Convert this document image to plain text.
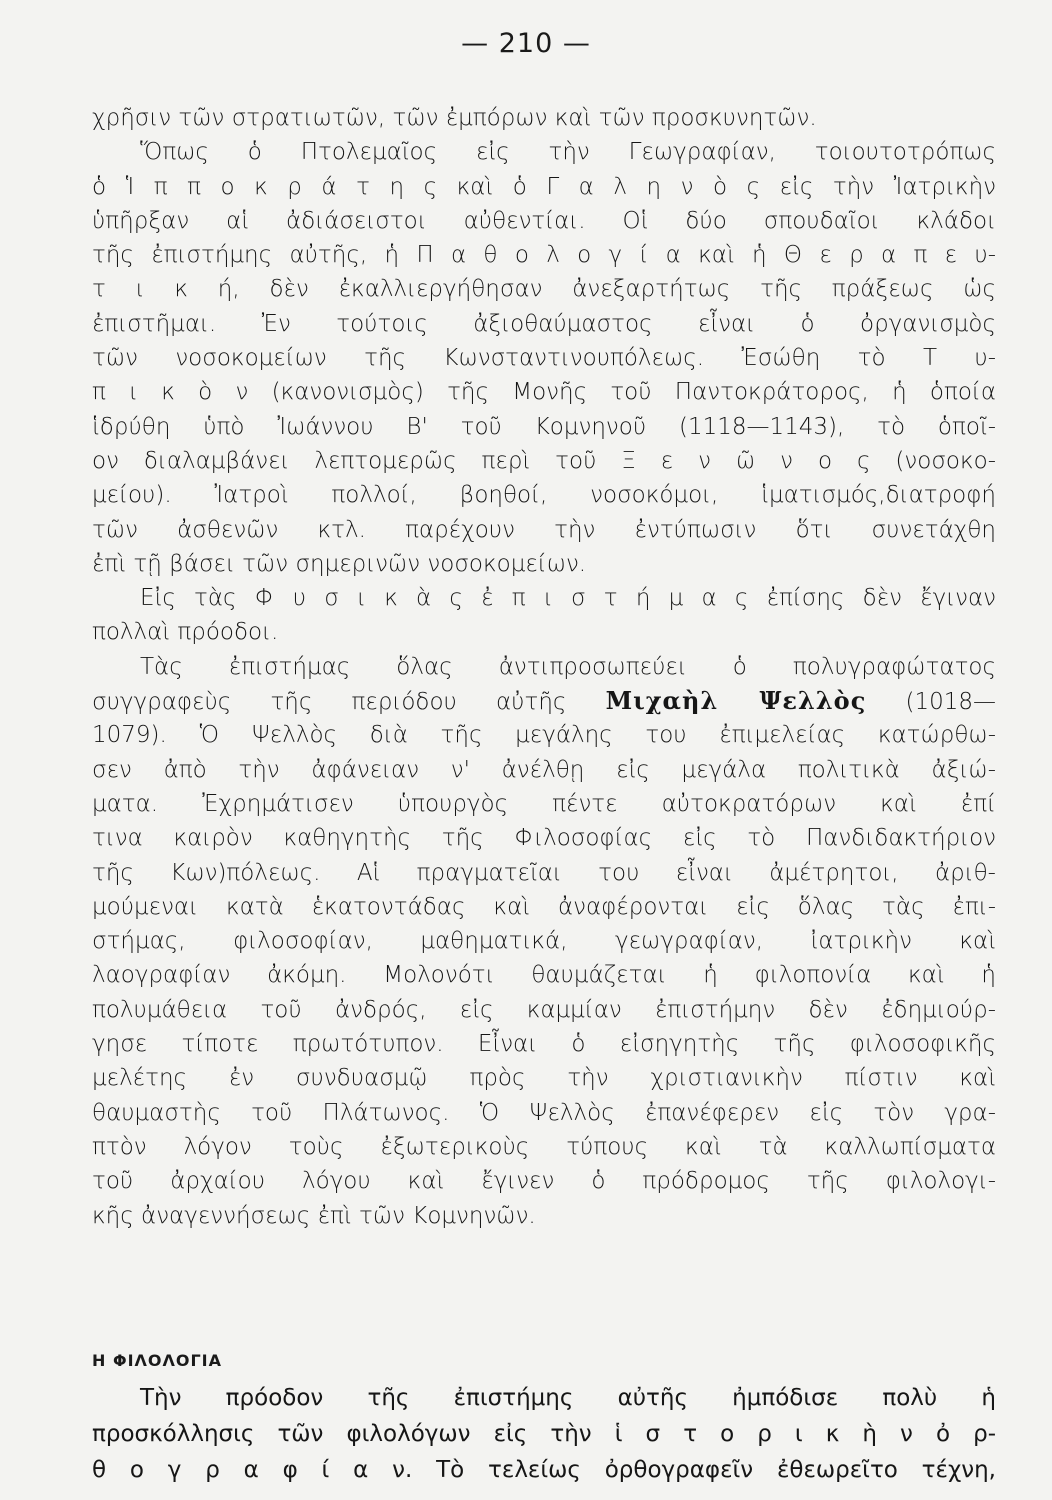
— 210 —
χρῆσιν τῶν στρατιωτῶν, τῶν ἐμπόρων καὶ τῶν προσκυνητῶν.
Ὅπως ὁ Πτολεμαῖος εἰς τὴν Γεωγραφίαν, τοιουτοτρόπως
ὁ Ἱ π π ο κ ρ ά τ η ς καὶ ὁ Γ α λ η ν ὸ ς εἰς τὴν Ἰατρικὴν
ὑπῆρξαν αἱ ἀδιάσειστοι αὐθεντίαι. Οἱ δύο σπουδαῖοι κλάδοι
τῆς ἐπιστήμης αὐτῆς, ἡ Π α θ ο λ ο γ ί α καὶ ἡ Θ ε ρ α π ε υ-
τ ι κ ή, δὲν ἐκαλλιεργήθησαν ἀνεξαρτήτως τῆς πράξεως ὡς
ἐπιστῆμαι. Ἐν τούτοις ἀξιοθαύμαστος εἶναι ὁ ὀργανισμὸς
τῶν νοσοκομείων τῆς Κωνσταντινουπόλεως. Ἐσώθη τὸ Τ υ-
π ι κ ὸ ν (κανονισμὸς) τῆς Μονῆς τοῦ Παντοκράτορος, ἡ ὁποία
ἱδρύθη ὑπὸ Ἰωάννου Β' τοῦ Κομνηνοῦ (1118—1143), τὸ ὁποῖ-
ον διαλαμβάνει λεπτομερῶς περὶ τοῦ Ξ ε ν ῶ ν ο ς (νοσοκο-
μείου). Ἰατροὶ πολλοί, βοηθοί, νοσοκόμοι, ἱματισμός,διατροφή
τῶν ἀσθενῶν κτλ. παρέχουν τὴν ἐντύπωσιν ὅτι συνετάχθη
ἐπὶ τῇ βάσει τῶν σημερινῶν νοσοκομείων.
Εἰς τὰς Φ υ σ ι κ ὰ ς ἐ π ι σ τ ή μ α ς ἐπίσης δὲν ἔγιναν
πολλαὶ πρόοδοι.
Τὰς ἐπιστήμας ὅλας ἀντιπροσωπεύει ὁ πολυγραφώτατος
συγγραφεὺς τῆς περιόδου αὐτῆς Μιχαὴλ Ψελλὸς (1018—
1079). Ὁ Ψελλὸς διὰ τῆς μεγάλης του ἐπιμελείας κατώρθω-
σεν ἀπὸ τὴν ἀφάνειαν ν' ἀνέλθῃ εἰς μεγάλα πολιτικὰ ἀξιώ-
ματα. Ἐχρημάτισεν ὑπουργὸς πέντε αὐτοκρατόρων καὶ ἐπί
τινα καιρὸν καθηγητὴς τῆς Φιλοσοφίας εἰς τὸ Πανδιδακτήριον
τῆς Κων)πόλεως. Αἱ πραγματεῖαι του εἶναι ἀμέτρητοι, ἀριθ-
μούμεναι κατὰ ἑκατοντάδας καὶ ἀναφέρονται εἰς ὅλας τὰς ἐπι-
στήμας, φιλοσοφίαν, μαθηματικά, γεωγραφίαν, ἰατρικὴν καὶ
λαογραφίαν ἀκόμη. Μολονότι θαυμάζεται ἡ φιλοπονία καὶ ἡ
πολυμάθεια τοῦ ἀνδρός, εἰς καμμίαν ἐπιστήμην δὲν ἐδημιούρ-
γησε τίποτε πρωτότυπον. Εἶναι ὁ εἰσηγητὴς τῆς φιλοσοφικῆς
μελέτης ἐν συνδυασμῷ πρὸς τὴν χριστιανικὴν πίστιν καὶ
θαυμαστὴς τοῦ Πλάτωνος. Ὁ Ψελλὸς ἐπανέφερεν εἰς τὸν γρα-
πτὸν λόγον τοὺς ἐξωτερικοὺς τύπους καὶ τὰ καλλωπίσματα
τοῦ ἀρχαίου λόγου καὶ ἔγινεν ὁ πρόδρομος τῆς φιλολογι-
κῆς ἀναγεννήσεως ἐπὶ τῶν Κομνηνῶν.
Η ΦΙΛΟΛΟΓΙΑ
Τὴν πρόοδον τῆς ἐπιστήμης αὐτῆς ἠμπόδισε πολὺ ἡ
προσκόλλησις τῶν φιλολόγων εἰς τὴν ἱ σ τ ο ρ ι κ ὴ ν ὀ ρ-
θ ο γ ρ α φ ί α ν. Τὸ τελείως ὀρθογραφεῖν ἐθεωρεῖτο τέχνη,
